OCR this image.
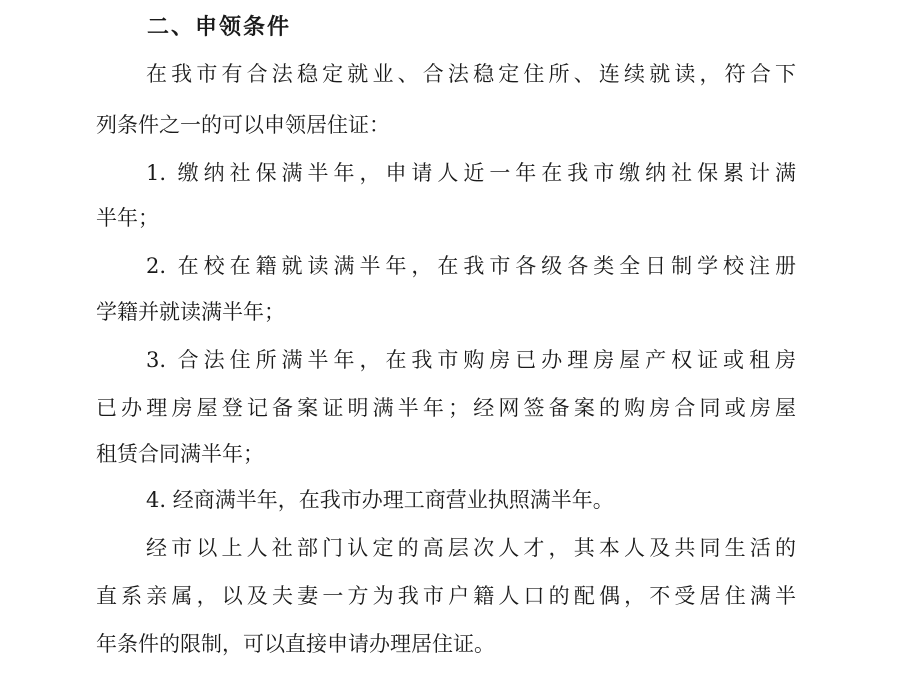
二、申领条件
在我市有合法稳定就业、合法稳定住所、连续就读，符合下
列条件之一的可以申领居住证：
1. 缴纳社保满半年，申请人近一年在我市缴纳社保累计满
半年；
2. 在校在籍就读满半年，在我市各级各类全日制学校注册
学籍并就读满半年；
3. 合法住所满半年，在我市购房已办理房屋产权证或租房
已办理房屋登记备案证明满半年；经网签备案的购房合同或房屋
租赁合同满半年；
4. 经商满半年，在我市办理工商营业执照满半年。
经市以上人社部门认定的高层次人才，其本人及共同生活的
直系亲属，以及夫妻一方为我市户籍人口的配偶，不受居住满半
年条件的限制，可以直接申请办理居住证。
